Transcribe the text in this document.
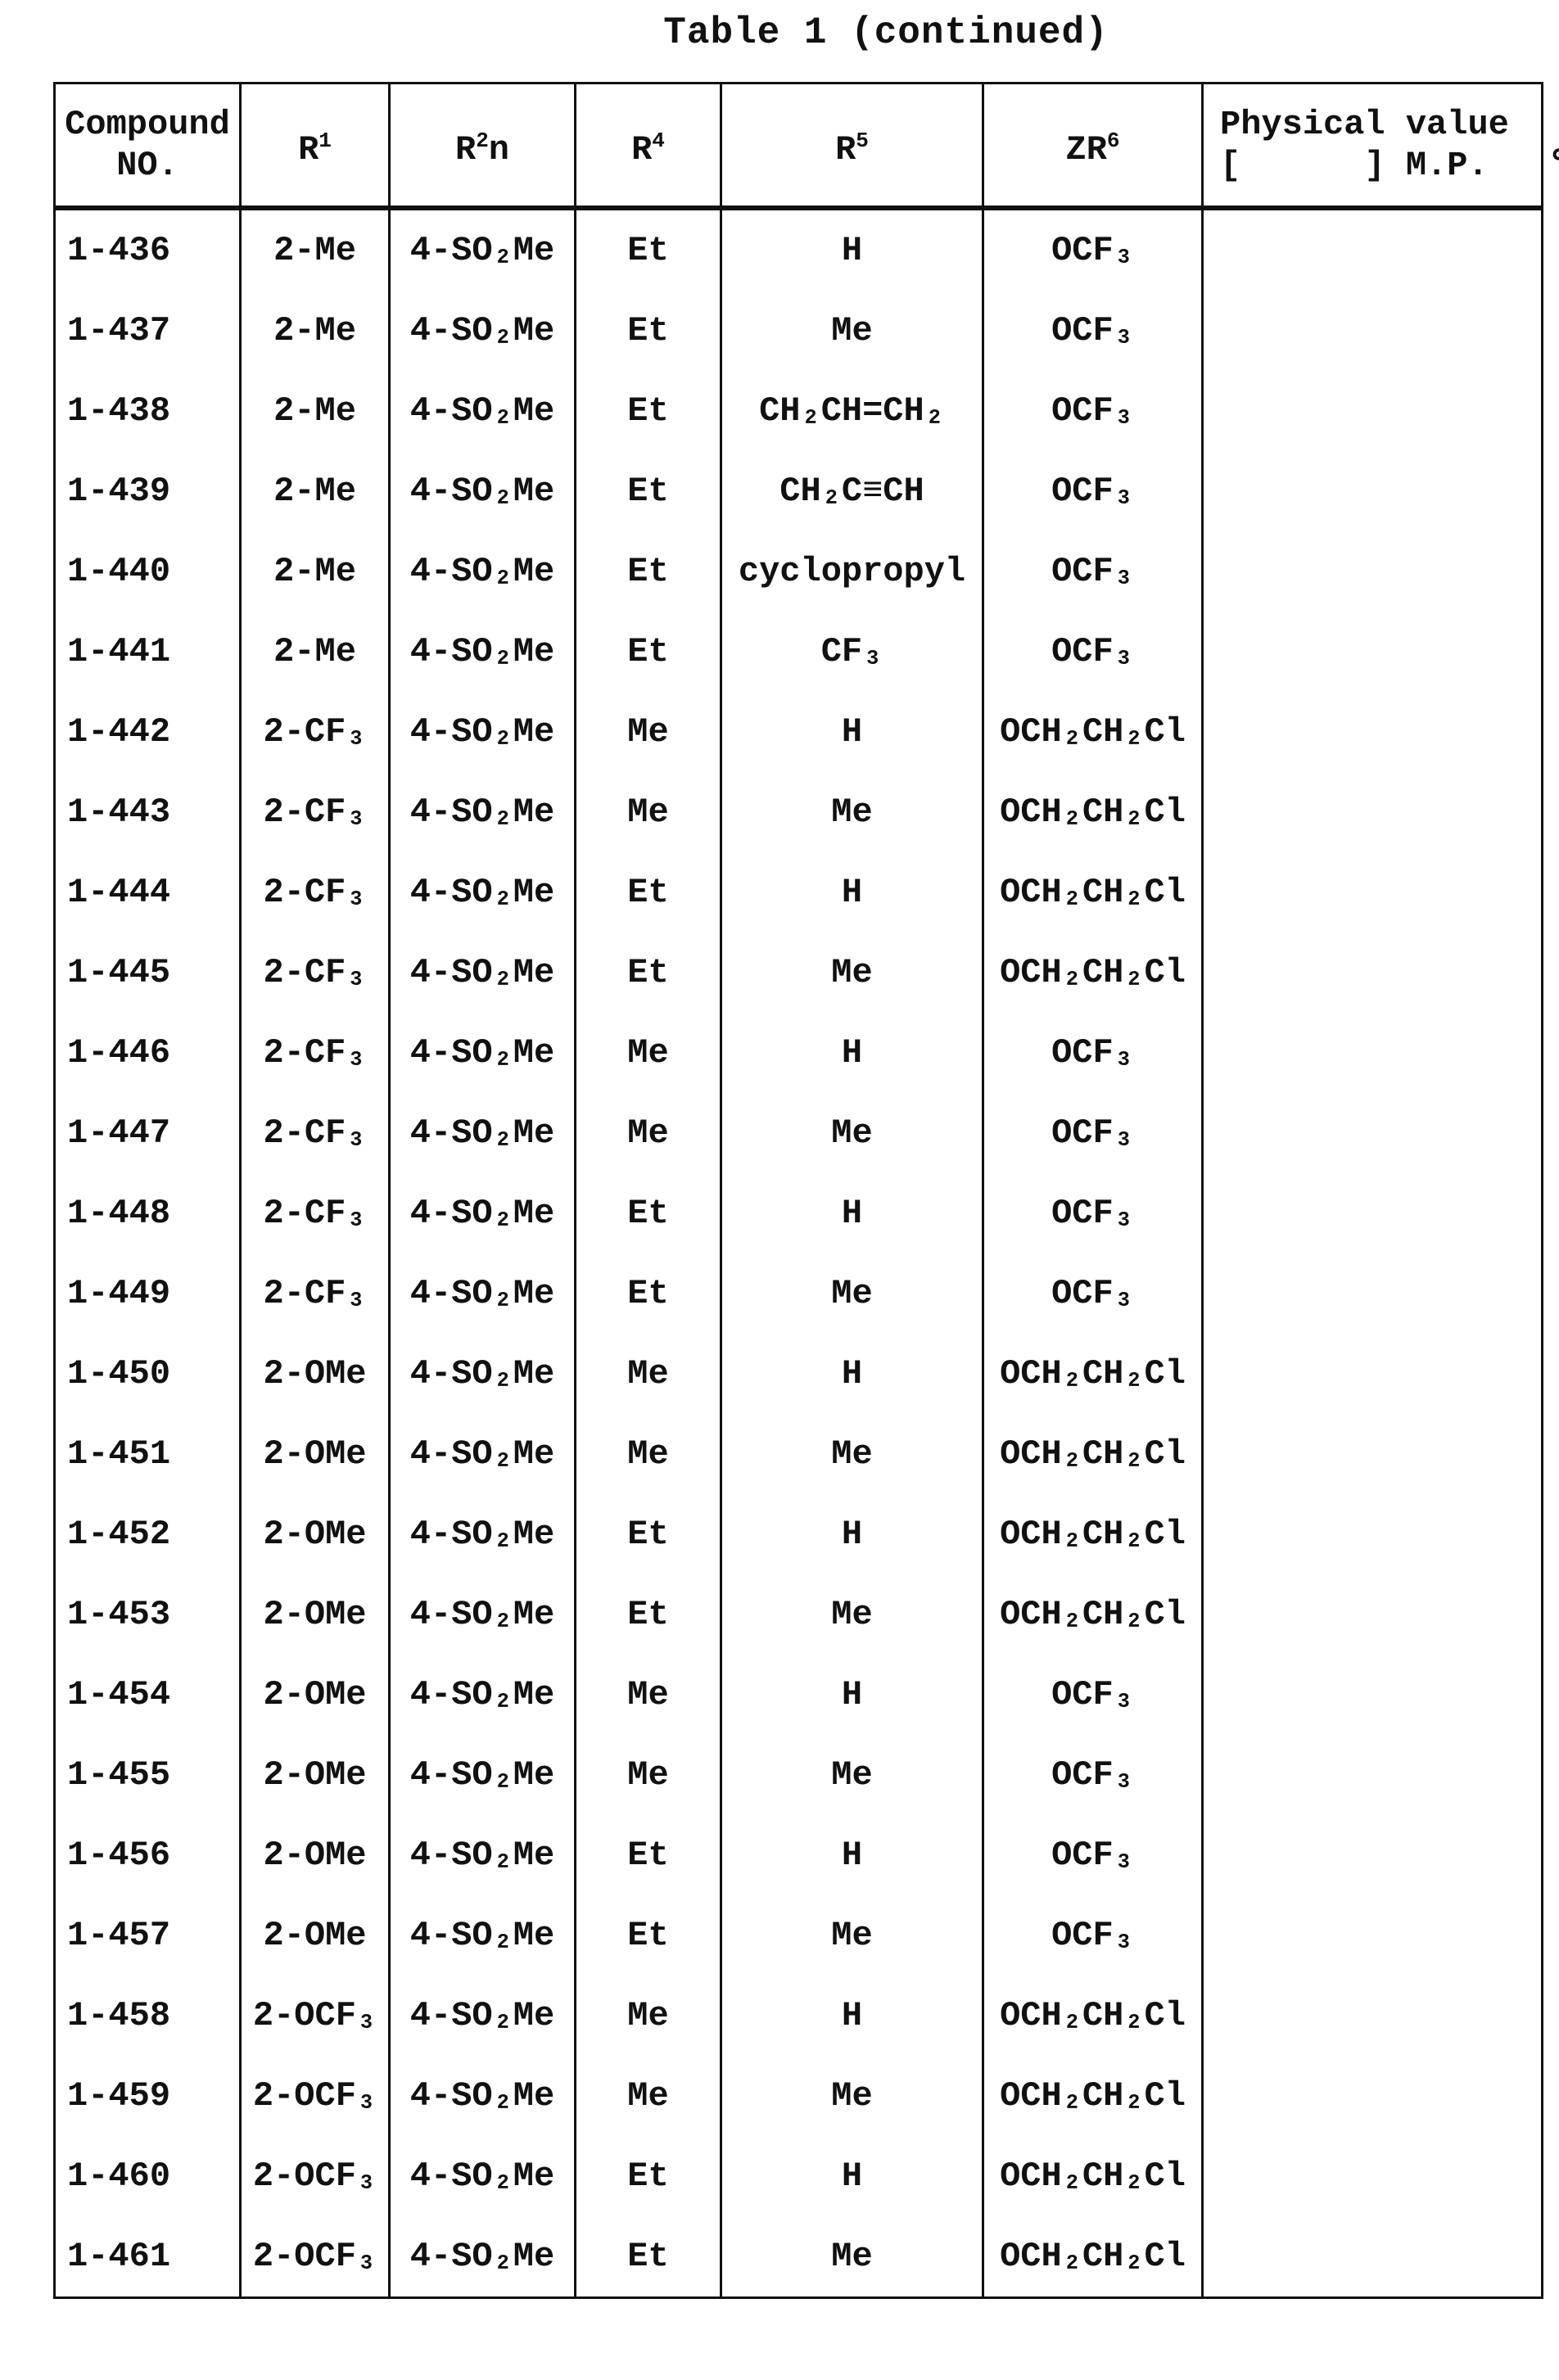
Table 1 (continued)
Compound
NO.	R1	R2n	R4	R5	ZR6	Physical value
[      ] M.P.   ℃
1-436	2-Me	4-SO₂Me	Et	H	OCF₃	
1-437	2-Me	4-SO₂Me	Et	Me	OCF₃	
1-438	2-Me	4-SO₂Me	Et	CH₂CH=CH₂	OCF₃	
1-439	2-Me	4-SO₂Me	Et	CH₂C≡CH	OCF₃	
1-440	2-Me	4-SO₂Me	Et	cyclopropyl	OCF₃	
1-441	2-Me	4-SO₂Me	Et	CF₃	OCF₃	
1-442	2-CF₃	4-SO₂Me	Me	H	OCH₂CH₂Cl	
1-443	2-CF₃	4-SO₂Me	Me	Me	OCH₂CH₂Cl	
1-444	2-CF₃	4-SO₂Me	Et	H	OCH₂CH₂Cl	
1-445	2-CF₃	4-SO₂Me	Et	Me	OCH₂CH₂Cl	
1-446	2-CF₃	4-SO₂Me	Me	H	OCF₃	
1-447	2-CF₃	4-SO₂Me	Me	Me	OCF₃	
1-448	2-CF₃	4-SO₂Me	Et	H	OCF₃	
1-449	2-CF₃	4-SO₂Me	Et	Me	OCF₃	
1-450	2-OMe	4-SO₂Me	Me	H	OCH₂CH₂Cl	
1-451	2-OMe	4-SO₂Me	Me	Me	OCH₂CH₂Cl	
1-452	2-OMe	4-SO₂Me	Et	H	OCH₂CH₂Cl	
1-453	2-OMe	4-SO₂Me	Et	Me	OCH₂CH₂Cl	
1-454	2-OMe	4-SO₂Me	Me	H	OCF₃	
1-455	2-OMe	4-SO₂Me	Me	Me	OCF₃	
1-456	2-OMe	4-SO₂Me	Et	H	OCF₃	
1-457	2-OMe	4-SO₂Me	Et	Me	OCF₃	
1-458	2-OCF₃	4-SO₂Me	Me	H	OCH₂CH₂Cl	
1-459	2-OCF₃	4-SO₂Me	Me	Me	OCH₂CH₂Cl	
1-460	2-OCF₃	4-SO₂Me	Et	H	OCH₂CH₂Cl	
1-461	2-OCF₃	4-SO₂Me	Et	Me	OCH₂CH₂Cl	
